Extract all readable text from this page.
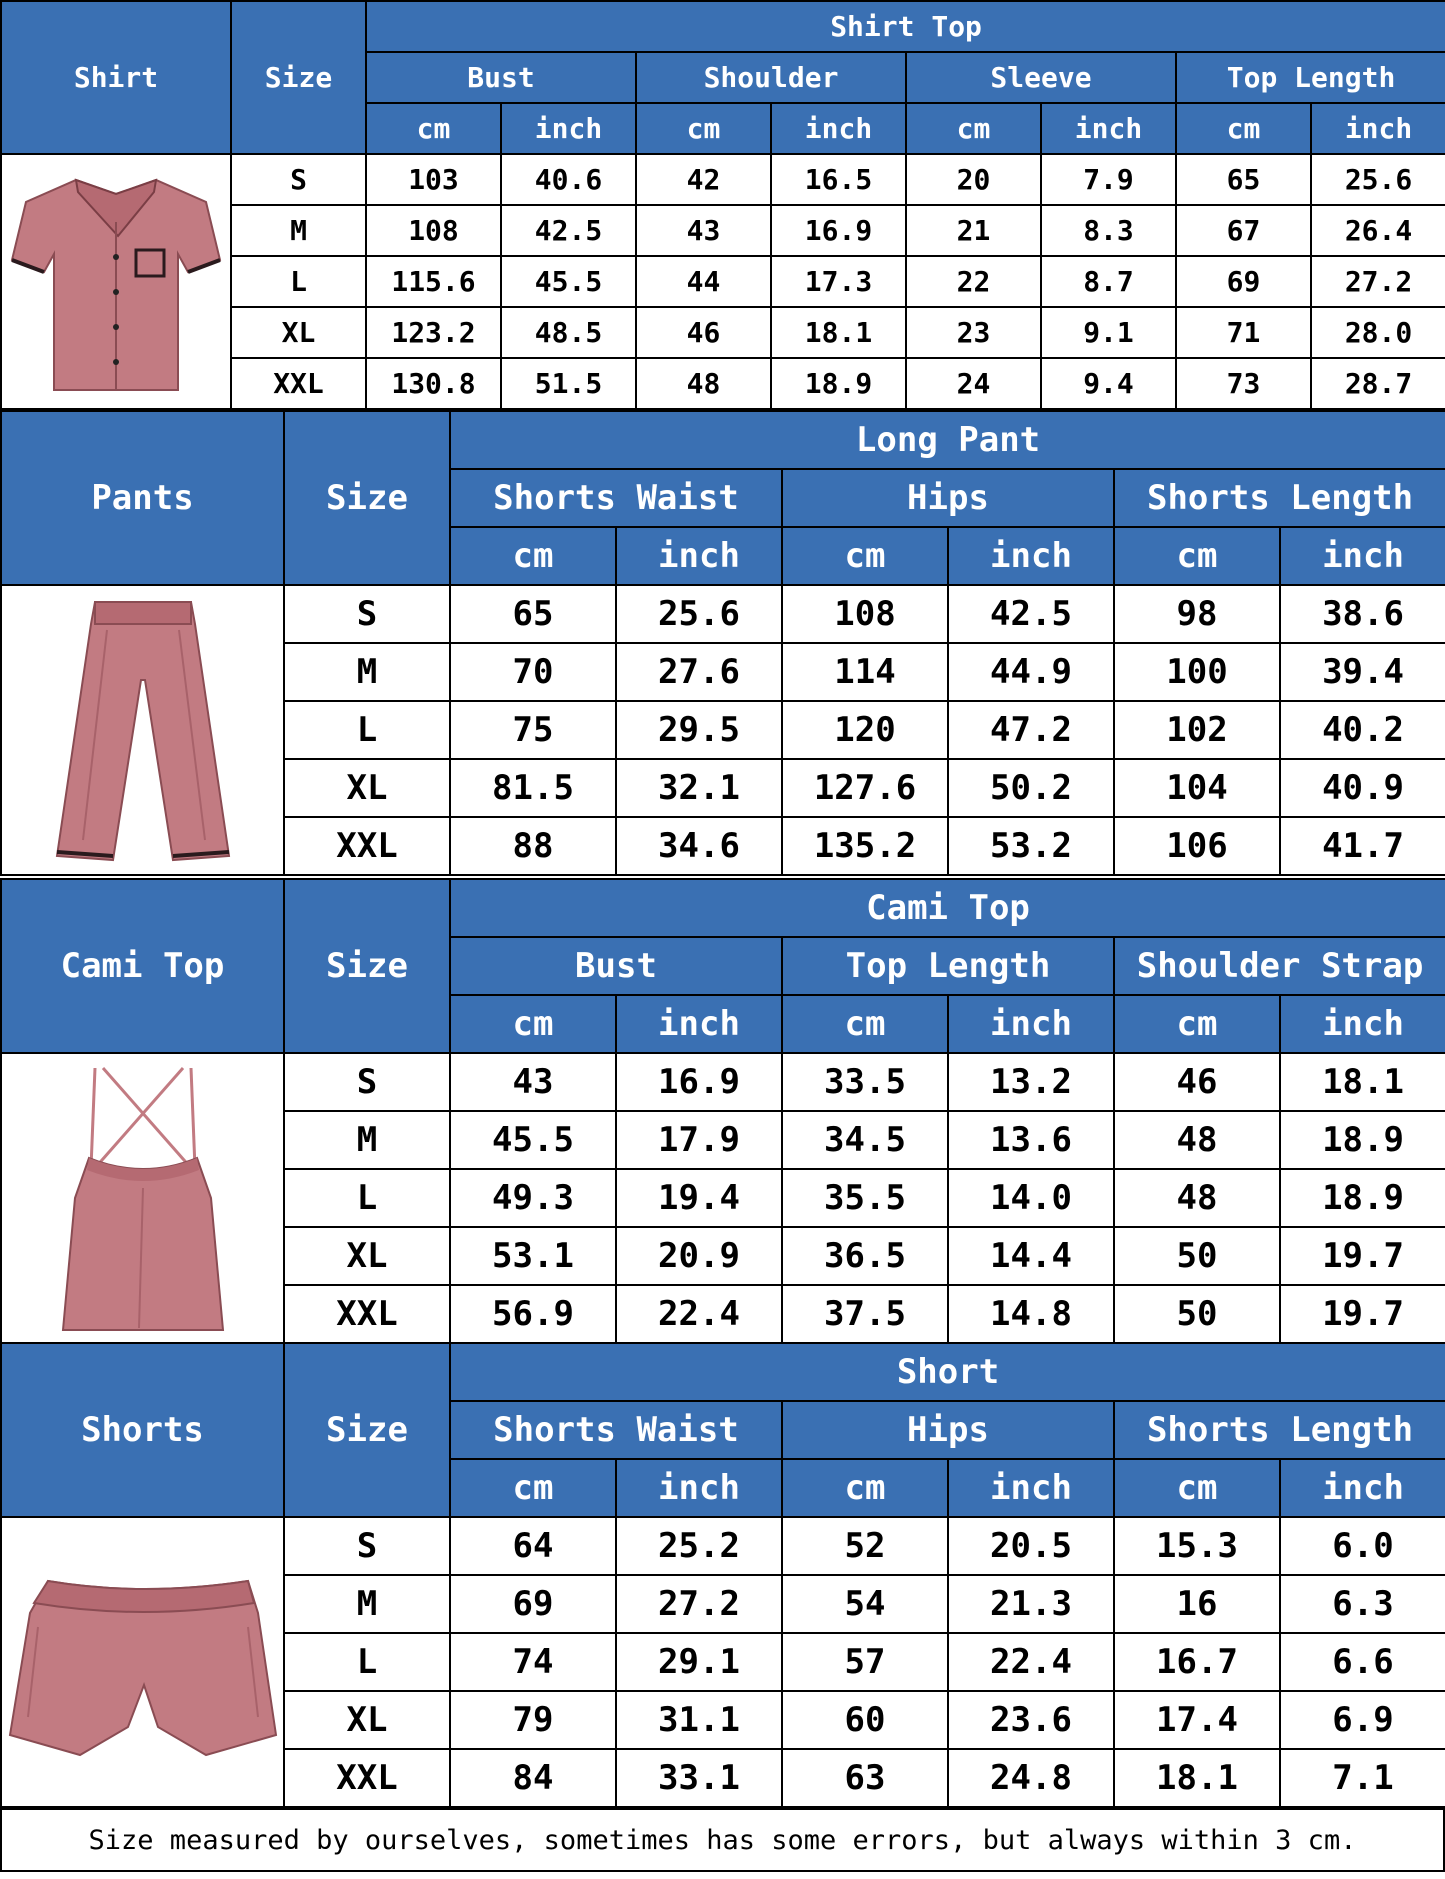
Shirt	Size	Shirt Top							
		Bust		Shoulder		Sleeve		Top Length	
		cm	inch	cm	inch	cm	inch	cm	inch

	S	103	40.6	42	16.5	20	7.9	65	25.6
	M	108	42.5	43	16.9	21	8.3	67	26.4
	L	115.6	45.5	44	17.3	22	8.7	69	27.2
	XL	123.2	48.5	46	18.1	23	9.1	71	28.0
	XXL	130.8	51.5	48	18.9	24	9.4	73	28.7
Pants	Size	Long Pant					
		Shorts Waist		Hips		Shorts Length	
		cm	inch	cm	inch	cm	inch

	S	65	25.6	108	42.5	98	38.6
	M	70	27.6	114	44.9	100	39.4
	L	75	29.5	120	47.2	102	40.2
	XL	81.5	32.1	127.6	50.2	104	40.9
	XXL	88	34.6	135.2	53.2	106	41.7
Cami Top	Size	Cami Top					
		Bust		Top Length		Shoulder Strap	
		cm	inch	cm	inch	cm	inch

	S	43	16.9	33.5	13.2	46	18.1
	M	45.5	17.9	34.5	13.6	48	18.9
	L	49.3	19.4	35.5	14.0	48	18.9
	XL	53.1	20.9	36.5	14.4	50	19.7
	XXL	56.9	22.4	37.5	14.8	50	19.7
Shorts	Size	Short					
		Shorts Waist		Hips		Shorts Length	
		cm	inch	cm	inch	cm	inch

	S	64	25.2	52	20.5	15.3	6.0
	M	69	27.2	54	21.3	16	6.3
	L	74	29.1	57	22.4	16.7	6.6
	XL	79	31.1	60	23.6	17.4	6.9
	XXL	84	33.1	63	24.8	18.1	7.1
Size measured by ourselves, sometimes has some errors, but always within 3 cm.
